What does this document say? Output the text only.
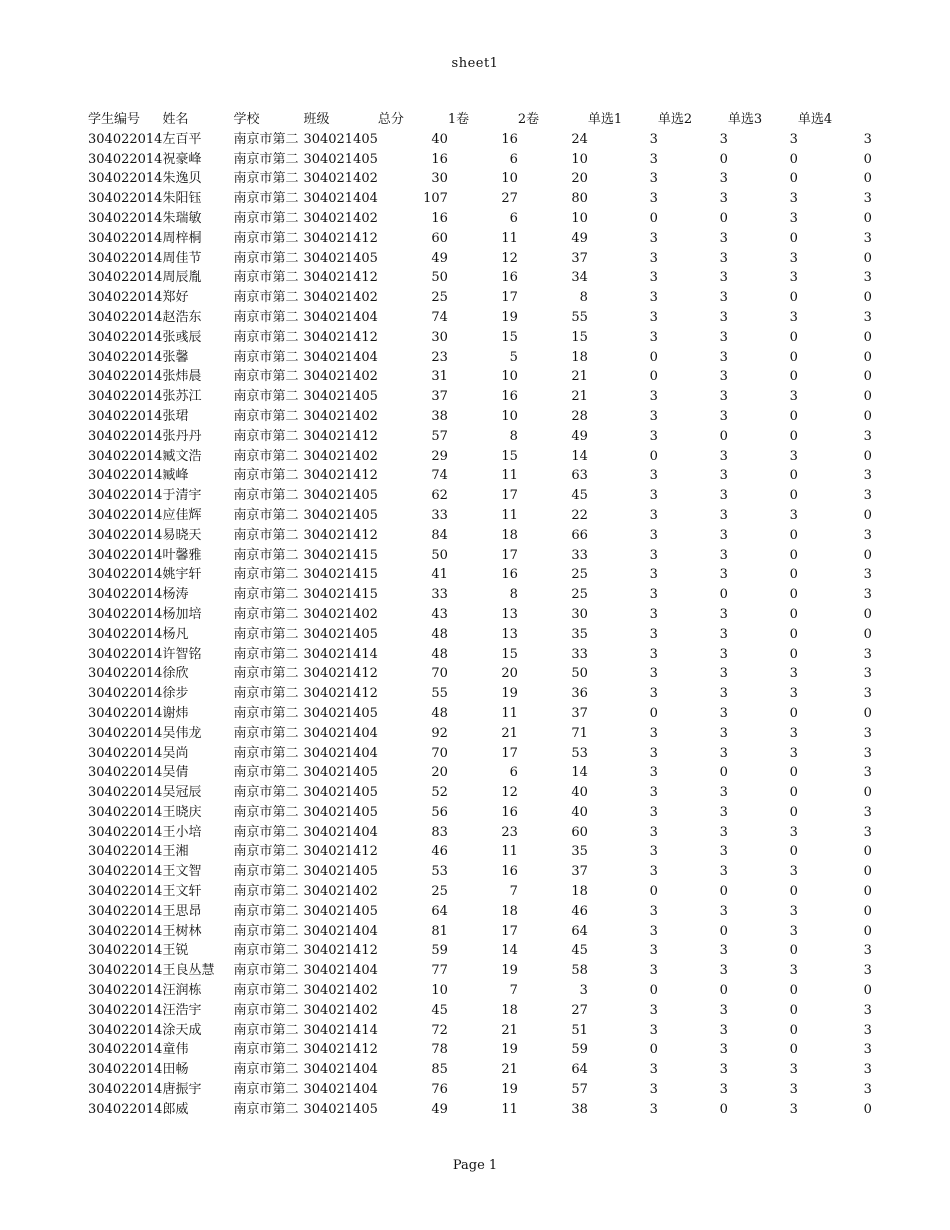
sheet1
学生编号	姓名	学校	班级	总分	1卷	2卷	单选1	单选2	单选3	单选4
304022014	左百平	南京市第二	304021405	40	16	24	3	3	3	3
304022014	祝豪峰	南京市第二	304021405	16	6	10	3	0	0	0
304022014	朱逸贝	南京市第二	304021402	30	10	20	3	3	0	0
304022014	朱阳钰	南京市第二	304021404	107	27	80	3	3	3	3
304022014	朱瑞敏	南京市第二	304021402	16	6	10	0	0	3	0
304022014	周梓桐	南京市第二	304021412	60	11	49	3	3	0	3
304022014	周佳节	南京市第二	304021405	49	12	37	3	3	3	0
304022014	周辰胤	南京市第二	304021412	50	16	34	3	3	3	3
304022014	郑好	南京市第二	304021402	25	17	8	3	3	0	0
304022014	赵浩东	南京市第二	304021404	74	19	55	3	3	3	3
304022014	张彧辰	南京市第二	304021412	30	15	15	3	3	0	0
304022014	张馨	南京市第二	304021404	23	5	18	0	3	0	0
304022014	张炜晨	南京市第二	304021402	31	10	21	0	3	0	0
304022014	张苏江	南京市第二	304021405	37	16	21	3	3	3	0
304022014	张珺	南京市第二	304021402	38	10	28	3	3	0	0
304022014	张丹丹	南京市第二	304021412	57	8	49	3	0	0	3
304022014	臧文浩	南京市第二	304021402	29	15	14	0	3	3	0
304022014	臧峰	南京市第二	304021412	74	11	63	3	3	0	3
304022014	于清宇	南京市第二	304021405	62	17	45	3	3	0	3
304022014	应佳辉	南京市第二	304021405	33	11	22	3	3	3	0
304022014	易晓天	南京市第二	304021412	84	18	66	3	3	0	3
304022014	叶馨雅	南京市第二	304021415	50	17	33	3	3	0	0
304022014	姚宇轩	南京市第二	304021415	41	16	25	3	3	0	3
304022014	杨涛	南京市第二	304021415	33	8	25	3	0	0	3
304022014	杨加培	南京市第二	304021402	43	13	30	3	3	0	0
304022014	杨凡	南京市第二	304021405	48	13	35	3	3	0	0
304022014	许智铭	南京市第二	304021414	48	15	33	3	3	0	3
304022014	徐欣	南京市第二	304021412	70	20	50	3	3	3	3
304022014	徐步	南京市第二	304021412	55	19	36	3	3	3	3
304022014	谢炜	南京市第二	304021405	48	11	37	0	3	0	0
304022014	吴伟龙	南京市第二	304021404	92	21	71	3	3	3	3
304022014	吴尚	南京市第二	304021404	70	17	53	3	3	3	3
304022014	吴倩	南京市第二	304021405	20	6	14	3	0	0	3
304022014	吴冠辰	南京市第二	304021405	52	12	40	3	3	0	0
304022014	王晓庆	南京市第二	304021405	56	16	40	3	3	0	3
304022014	王小培	南京市第二	304021404	83	23	60	3	3	3	3
304022014	王湘	南京市第二	304021412	46	11	35	3	3	0	0
304022014	王文智	南京市第二	304021405	53	16	37	3	3	3	0
304022014	王文轩	南京市第二	304021402	25	7	18	0	0	0	0
304022014	王思昂	南京市第二	304021405	64	18	46	3	3	3	0
304022014	王树林	南京市第二	304021404	81	17	64	3	0	3	0
304022014	王锐	南京市第二	304021412	59	14	45	3	3	0	3
304022014	王良丛慧	南京市第二	304021404	77	19	58	3	3	3	3
304022014	汪润栋	南京市第二	304021402	10	7	3	0	0	0	0
304022014	汪浩宇	南京市第二	304021402	45	18	27	3	3	0	3
304022014	涂天成	南京市第二	304021414	72	21	51	3	3	0	3
304022014	童伟	南京市第二	304021412	78	19	59	0	3	0	3
304022014	田畅	南京市第二	304021404	85	21	64	3	3	3	3
304022014	唐振宇	南京市第二	304021404	76	19	57	3	3	3	3
304022014	郎威	南京市第二	304021405	49	11	38	3	0	3	0
Page 1
